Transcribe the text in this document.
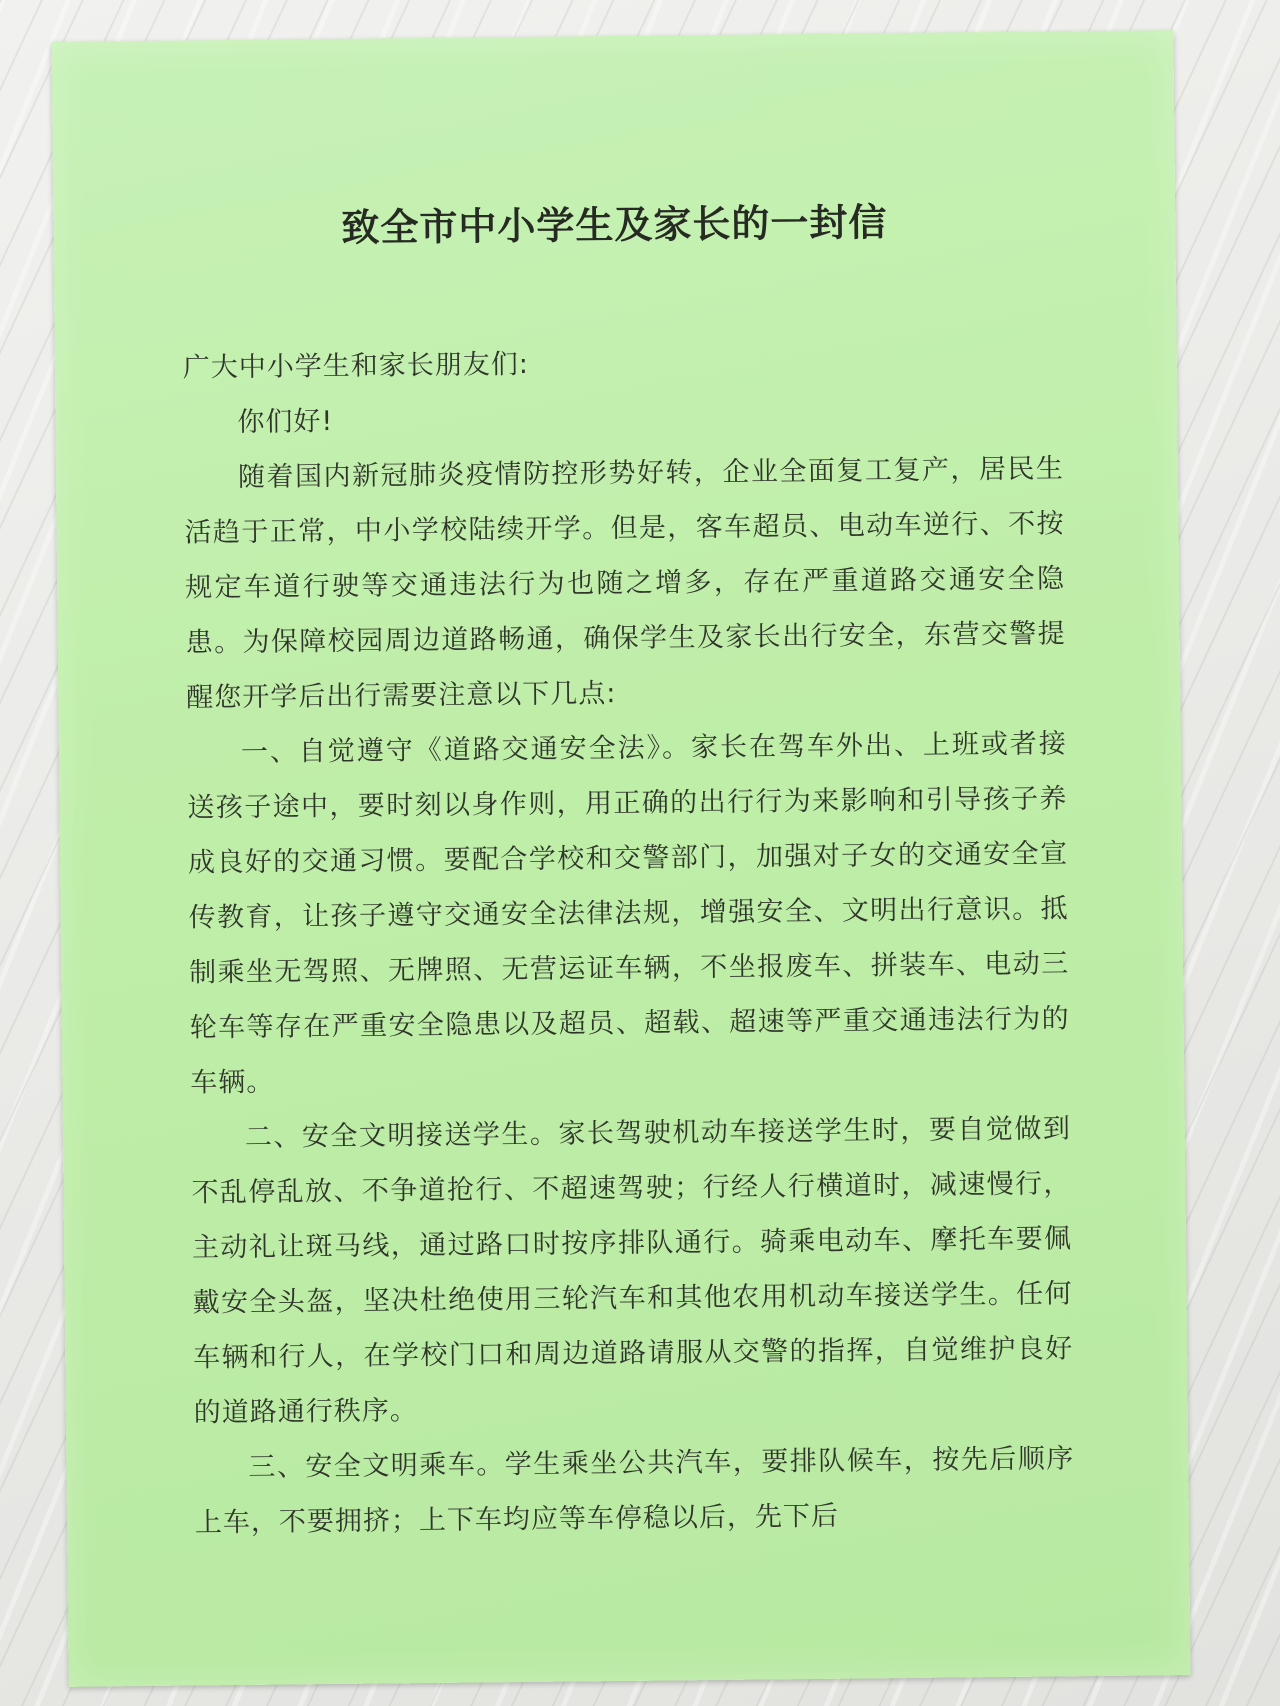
致全市中小学生及家长的一封信

广大中小学生和家长朋友们:

你们好!

随着国内新冠肺炎疫情防控形势好转，企业全面复工复产，居民生活趋于正常，中小学校陆续开学。但是，客车超员、电动车逆行、不按规定车道行驶等交通违法行为也随之增多，存在严重道路交通安全隐患。为保障校园周边道路畅通，确保学生及家长出行安全，东营交警提醒您开学后出行需要注意以下几点:

一、自觉遵守《道路交通安全法》。家长在驾车外出、上班或者接送孩子途中，要时刻以身作则，用正确的出行行为来影响和引导孩子养成良好的交通习惯。要配合学校和交警部门，加强对子女的交通安全宣传教育，让孩子遵守交通安全法律法规，增强安全、文明出行意识。抵制乘坐无驾照、无牌照、无营运证车辆，不坐报废车、拼装车、电动三轮车等存在严重安全隐患以及超员、超载、超速等严重交通违法行为的车辆。

二、安全文明接送学生。家长驾驶机动车接送学生时，要自觉做到不乱停乱放、不争道抢行、不超速驾驶；行经人行横道时，减速慢行，主动礼让斑马线，通过路口时按序排队通行。骑乘电动车、摩托车要佩戴安全头盔，坚决杜绝使用三轮汽车和其他农用机动车接送学生。任何车辆和行人，在学校门口和周边道路请服从交警的指挥，自觉维护良好的道路通行秩序。

三、安全文明乘车。学生乘坐公共汽车，要排队候车，按先后顺序上车，不要拥挤；上下车均应等车停稳以后，先下后
